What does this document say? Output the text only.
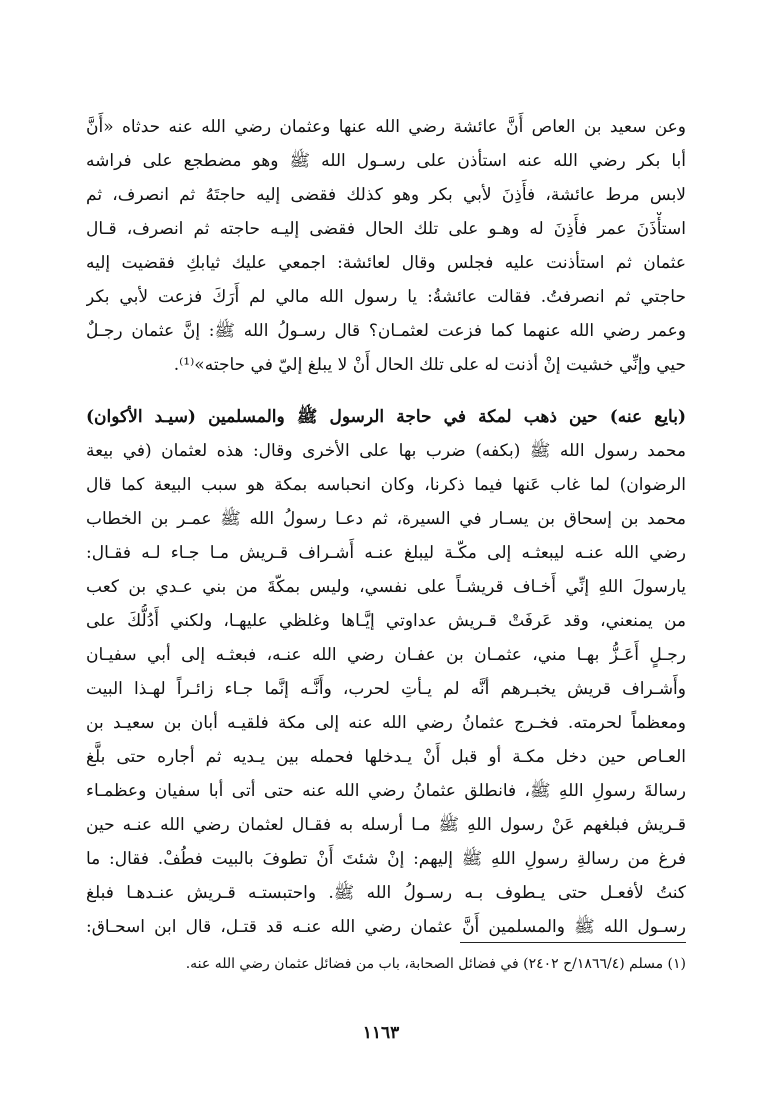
وعن سعيد بن العاص أَنَّ عائشة رضي الله عنها وعثمان رضي الله عنه حدثاه «أَنَّ
أبا بكر رضي الله عنه استأذن على رسـول الله ﷺ وهو مضطجع على فراشه
لابس مرط عائشة، فأَذِنَ لأبي بكر وهو كذلك فقضى إليه حاجتَهُ ثم انصرف، ثم
استأْذَنَ عمر فأَذِنَ له وهـو على تلك الحال فقضى إليـه حاجته ثم انصرف، قـال
عثمان ثم استأذنت عليه فجلس وقال لعائشة: اجمعي عليك ثيابكِ فقضيت إليه
حاجتي ثم انصرفتُ. فقالت عائشةُ: يا رسول الله مالي لم أَرَكَ فزعت لأبي بكر
وعمر رضي الله عنهما كما فزعت لعثمـان؟ قال رسـولُ الله ﷺ: إنَّ عثمان رجـلٌ
حيي وإنِّي خشيت إنْ أذنت له على تلك الحال أَنْ لا يبلغ إليّ في حاجته»⁽¹⁾.
(بايع عنه) حين ذهب لمكة في حاجة الرسول ﷺ والمسلمين (سيـد الأكوان)
محمد رسول الله ﷺ (بكفه) ضرب بها على الأخرى وقال: هذه لعثمان (في بيعة
الرضوان) لما غاب عَنها فيما ذكرنا، وكان انحباسه بمكة هو سبب البيعة كما قال
محمد بن إسحاق بن يسـار في السيرة، ثم دعـا رسولُ الله ﷺ عمـر بن الخطاب
رضي الله عنـه ليبعثـه إلى مكّـة ليبلغ عنـه أَشـراف قـريش مـا جـاء لـه فقـال:
يارسولَ اللهِ إنِّي أَخـاف قريشـاً على نفسي، وليس بمكّةَ من بني عـدي بن كعب
من يمنعني، وقد عَرفَتْ قـريش عداوتي إيَّـاها وغلظي عليهـا، ولكني أَدُلُّكَ على
رجـلٍ أَعَـزُّ بهـا مني، عثمـان بن عفـان رضي الله عنـه، فبعثـه إلى أبي سفيـان
وأَشـراف قريش يخبـرهم أنَّه لم يـأتِ لحرب، وأَنَّـه إنَّما جـاء زائـراً لهـذا البيت
ومعظماً لحرمته. فخـرج عثمانُ رضي الله عنه إلى مكة فلقيـه أبان بن سعيـد بن
العـاص حين دخل مكـة أو قبل أَنْ يـدخلها فحمله بين يـديه ثم أجاره حتى بلَّغ
رسالةَ رسولِ اللهِ ﷺ، فانطلق عثمانُ رضي الله عنه حتى أتى أبا سفيان وعظمـاء
قـريش فبلغهم عَنْ رسول اللهِ ﷺ مـا أرسله به فقـال لعثمان رضي الله عنـه حين
فرغ من رسالةِ رسولِ اللهِ ﷺ إليهم: إنْ شئتَ أَنْ تطوفَ بالبيت فطُفْ. فقال: ما
كنتُ لأفعـل حتى يـطوف بـه رسـولُ الله ﷺ. واحتبستـه قـريش عنـدهـا فبلغ
رسـول الله ﷺ والمسلمين أَنَّ عثمان رضي الله عنـه قد قتـل، قال ابن اسحـاق:
(١) مسلم (١٨٦٦/٤/ح ٢٤٠٢) في فضائل الصحابة، باب من فضائل عثمان رضي الله عنه.
١١٦٣
